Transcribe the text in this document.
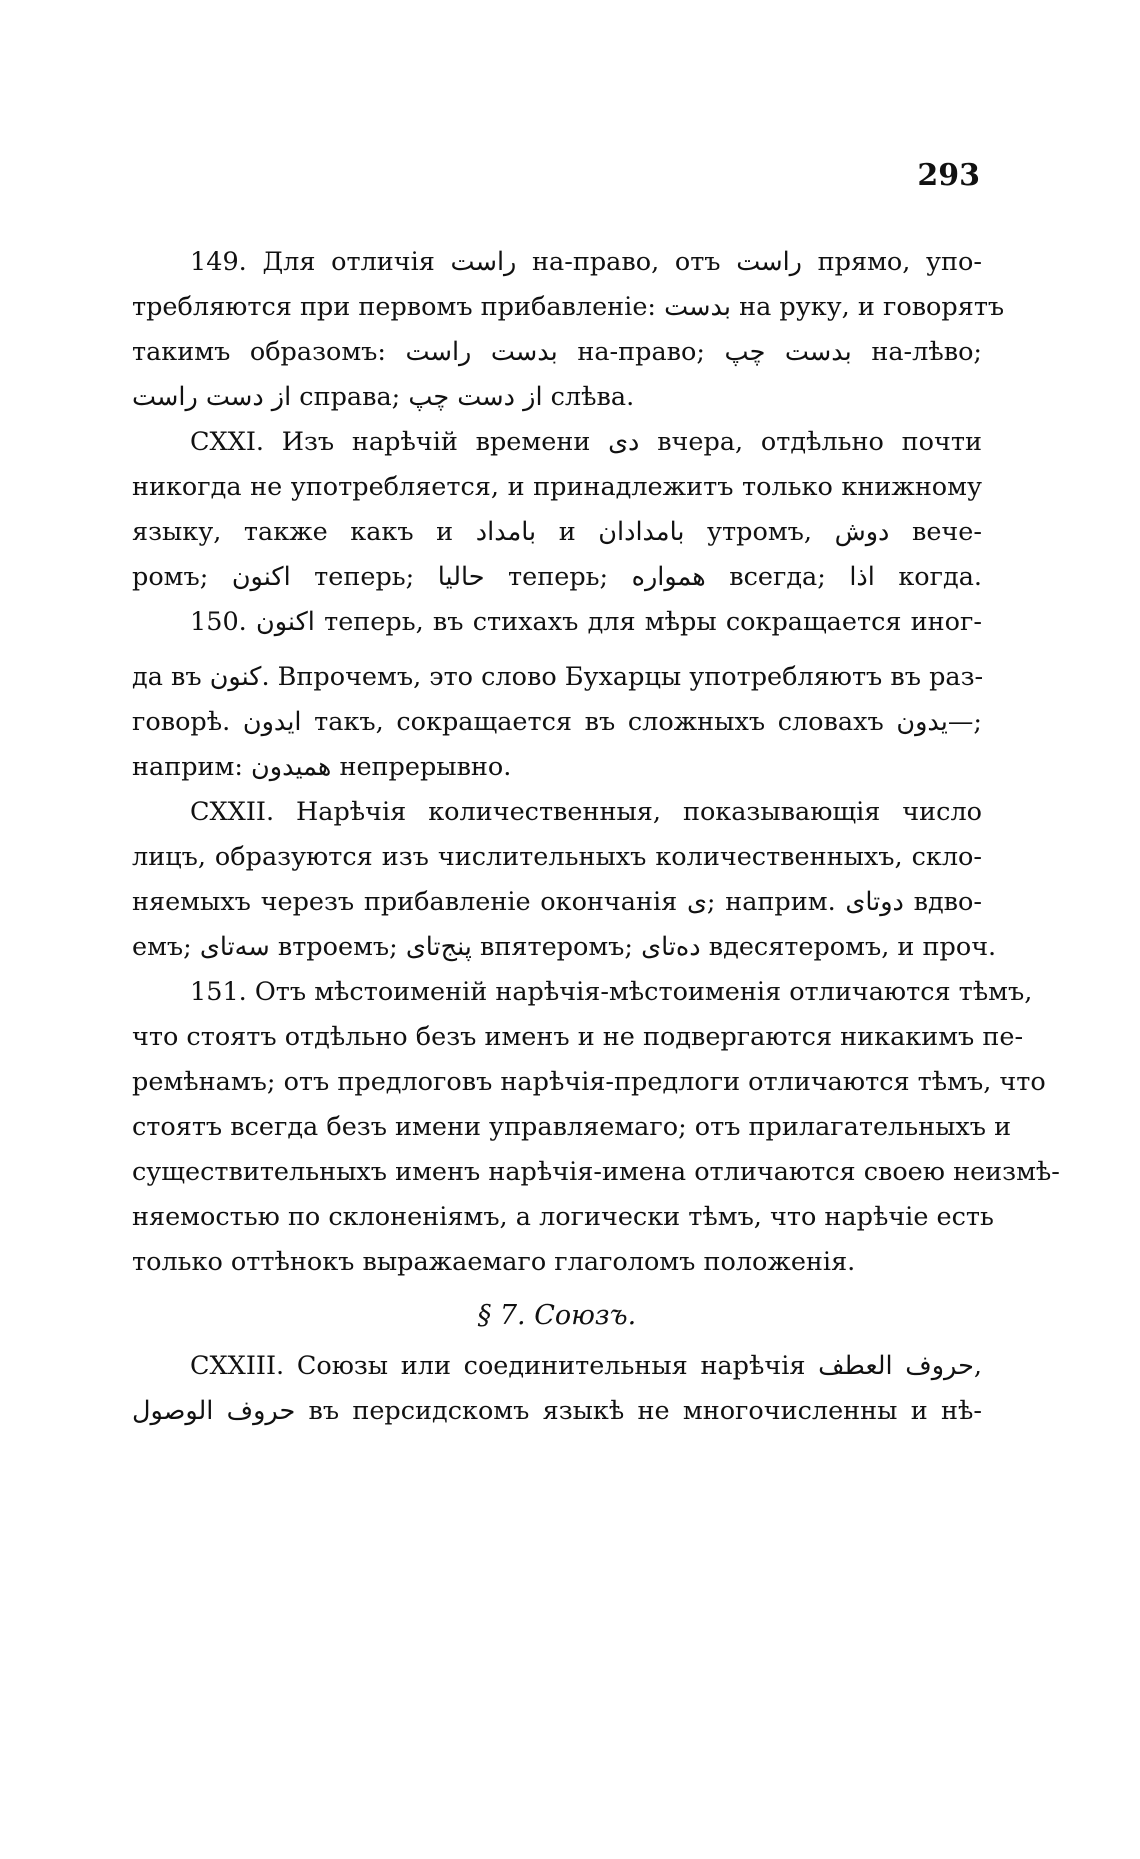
293
149. Для отличія راست на-право, отъ راست прямо, упо-
требляются при первомъ прибавленіе: بدست на руку, и говорятъ
такимъ образомъ: بدست راست на-право; بدست چپ на-лѣво;
از دست راست справа; از دست چپ слѣва.
CXXI. Изъ нарѣчій времени دی вчера, отдѣльно почти
никогда не употребляется, и принадлежитъ только книжному
языку, также какъ и بامداد и بامدادان утромъ, دوش вече-
ромъ; اکنون теперь; حالیا теперь; همواره всегда; اذا когда.
150. اکنون теперь, въ стихахъ для мѣры сокращается иног-
да въ کنون. Впрочемъ, это слово Бухарцы употребляютъ въ раз-
говорѣ. ایدون такъ, сокращается въ сложныхъ словахъ یدون—;
наприм: همیدون непрерывно.
CXXII. Нарѣчія количественныя, показывающія число
лицъ, образуются изъ числительныхъ количественныхъ, скло-
няемыхъ черезъ прибавленіе окончанія ی; наприм. دوتای вдво-
емъ; سه‌تای втроемъ; پنج‌تای впятеромъ; ده‌تای вдесятеромъ, и проч.
151. Отъ мѣстоименій нарѣчія-мѣстоименія отличаются тѣмъ,
что стоятъ отдѣльно безъ именъ и не подвергаются никакимъ пе-
ремѣнамъ; отъ предлоговъ нарѣчія-предлоги отличаются тѣмъ, что
стоятъ всегда безъ имени управляемаго; отъ прилагательныхъ и
существительныхъ именъ нарѣчія-имена отличаются своею неизмѣ-
няемостью по склоненіямъ, а логически тѣмъ, что нарѣчіе есть
только оттѣнокъ выражаемаго глаголомъ положенія.
§ 7. Союзъ.
CXXIII. Союзы или соединительныя нарѣчія حروف العطف,
حروف الوصول въ персидскомъ языкѣ не многочисленны и нѣ-
